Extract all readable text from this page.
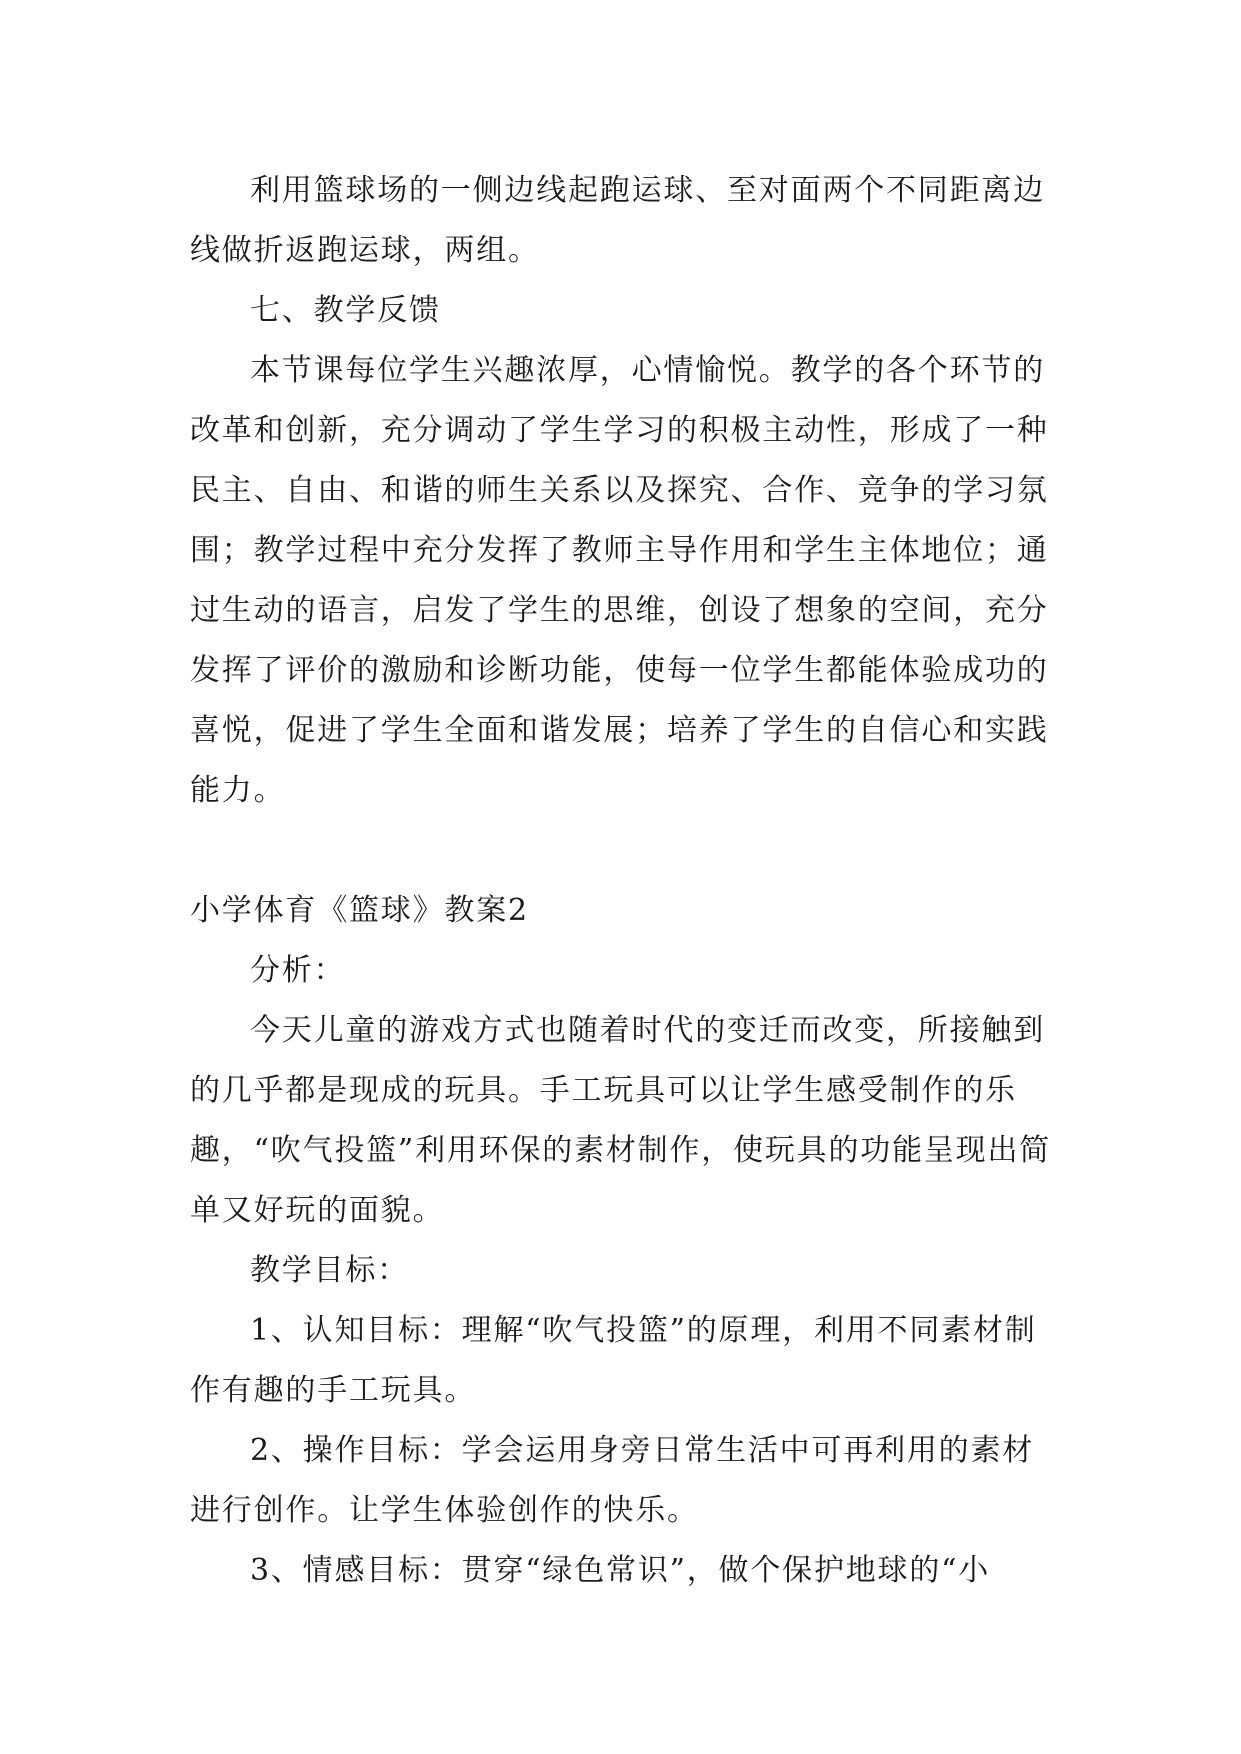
利用篮球场的一侧边线起跑运球、至对面两个不同距离边线做折返跑运球，两组。

七、教学反馈

本节课每位学生兴趣浓厚，心情愉悦。教学的各个环节的改革和创新，充分调动了学生学习的积极主动性，形成了一种民主、自由、和谐的师生关系以及探究、合作、竞争的学习氛围；教学过程中充分发挥了教师主导作用和学生主体地位；通过生动的语言，启发了学生的思维，创设了想象的空间，充分发挥了评价的激励和诊断功能，使每一位学生都能体验成功的喜悦，促进了学生全面和谐发展；培养了学生的自信心和实践能力。

小学体育《篮球》教案2

分析：

今天儿童的游戏方式也随着时代的变迁而改变，所接触到的几乎都是现成的玩具。手工玩具可以让学生感受制作的乐趣，“吹气投篮”利用环保的素材制作，使玩具的功能呈现出简单又好玩的面貌。

教学目标：

1、认知目标：理解“吹气投篮”的原理，利用不同素材制作有趣的手工玩具。

2、操作目标：学会运用身旁日常生活中可再利用的素材进行创作。让学生体验创作的快乐。

3、情感目标：贯穿“绿色常识”，做个保护地球的“小
